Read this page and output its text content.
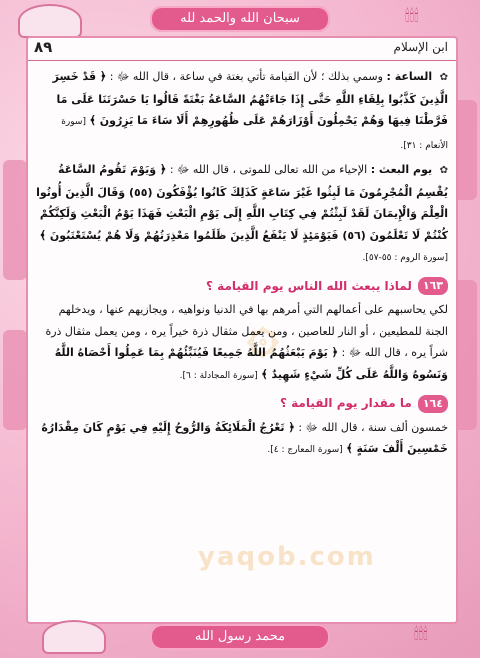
🕯🕯🕯
سبحان الله والحمد لله
٨٩	ابن الإسلام
۞
yaqob.com

✿ الساعة : وسمي بذلك ؛ لأن القيامة تأتي بغتة في ساعة ، قال الله ﷻ : ﴿ قَدْ خَسِرَ الَّذِينَ كَذَّبُوا بِلِقَاءِ اللَّهِ حَتَّى إِذَا جَاءَتْهُمُ السَّاعَةُ بَغْتَةً قَالُوا يَا حَسْرَتَنَا عَلَى مَا فَرَّطْنَا فِيهَا وَهُمْ يَحْمِلُونَ أَوْزَارَهُمْ عَلَى ظُهُورِهِمْ أَلَا سَاءَ مَا يَزِرُونَ ﴾ [سورة الأنعام : ٣١].

✿ يوم البعث : الإحياء من الله تعالى للموتى ، قال الله ﷻ : ﴿ وَيَوْمَ تَقُومُ السَّاعَةُ يُقْسِمُ الْمُجْرِمُونَ مَا لَبِثُوا غَيْرَ سَاعَةٍ كَذَلِكَ كَانُوا يُؤْفَكُونَ (٥٥) وَقَالَ الَّذِينَ أُوتُوا الْعِلْمَ وَالْإِيمَانَ لَقَدْ لَبِثْتُمْ فِي كِتَابِ اللَّهِ إِلَى يَوْمِ الْبَعْثِ فَهَذَا يَوْمُ الْبَعْثِ وَلَكِنَّكُمْ كُنْتُمْ لَا تَعْلَمُونَ (٥٦) فَيَوْمَئِذٍ لَا يَنْفَعُ الَّذِينَ ظَلَمُوا مَعْذِرَتُهُمْ وَلَا هُمْ يُسْتَعْتَبُونَ ﴾ [سورة الروم : ٥٥-٥٧].

١٦٣
لماذا يبعث الله الناس يوم القيامة ؟

لكي يحاسبهم على أعمالهم التي أمرهم بها في الدنيا ونواهيه ، ويجازيهم عنها ، ويدخلهم الجنة للمطيعين ، أو النار للعاصين ، ومن يعمل مثقال ذرة خيراً يره ، ومن يعمل مثقال ذرة شراً يره ، قال الله ﷻ : ﴿ يَوْمَ يَبْعَثُهُمُ اللَّهُ جَمِيعًا فَيُنَبِّئُهُمْ بِمَا عَمِلُوا أَحْصَاهُ اللَّهُ وَنَسُوهُ وَاللَّهُ عَلَى كُلِّ شَيْءٍ شَهِيدٌ ﴾ [سورة المجادلة : ٦].

١٦٤
ما مقدار يوم القيامة ؟

خمسون ألف سنة ، قال الله ﷻ : ﴿ تَعْرُجُ الْمَلَائِكَةُ وَالرُّوحُ إِلَيْهِ فِي يَوْمٍ كَانَ مِقْدَارُهُ خَمْسِينَ أَلْفَ سَنَةٍ ﴾ [سورة المعارج : ٤].

محمد رسول الله	🕯🕯🕯
